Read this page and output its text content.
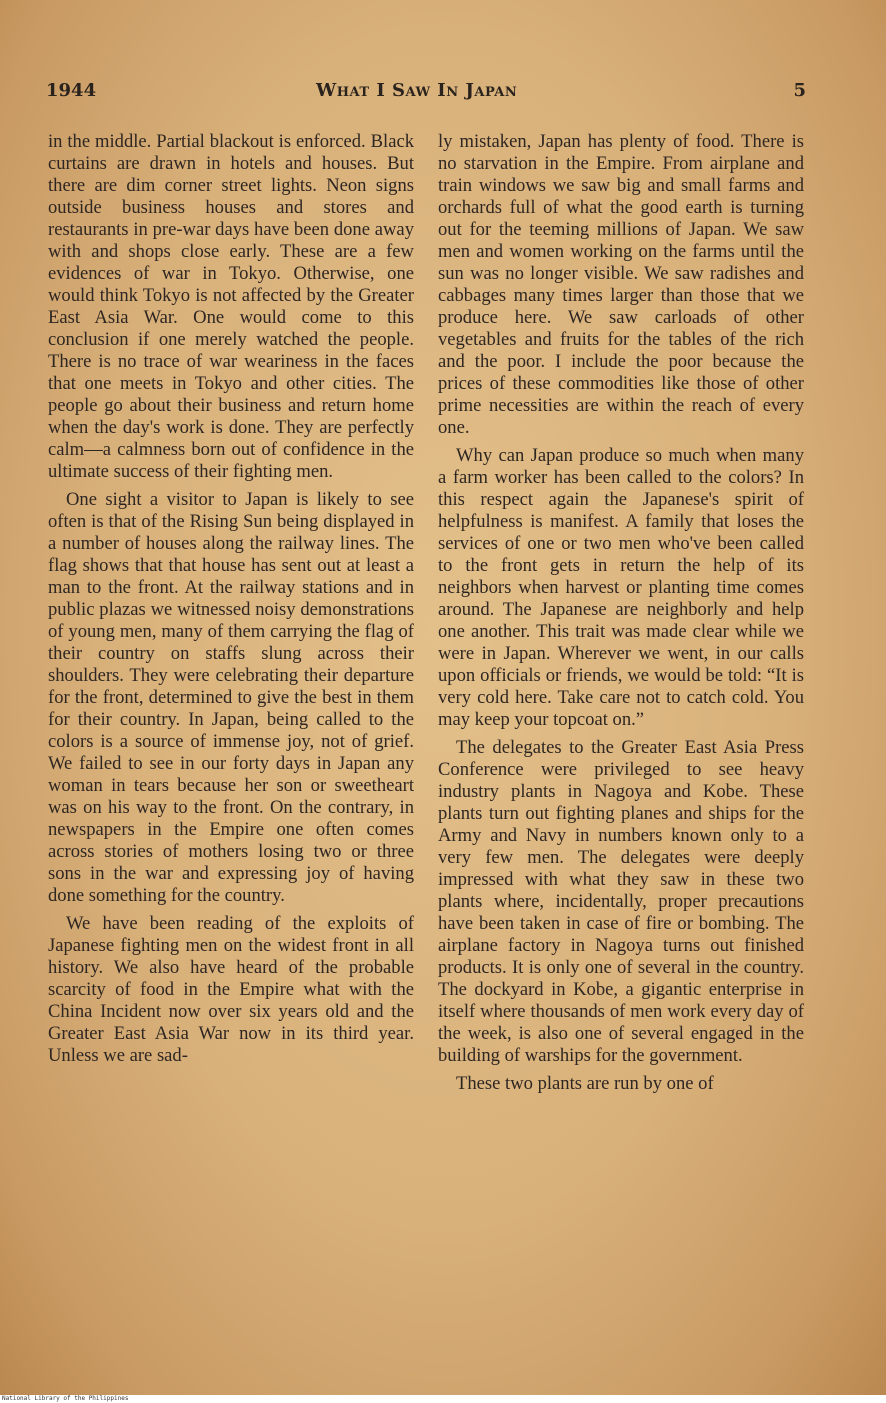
1944	What I Saw In Japan	5

in the middle. Partial blackout is enforced. Black curtains are drawn in hotels and houses. But there are dim corner street lights. Neon signs outside business houses and stores and restaurants in pre-war days have been done away with and shops close early. These are a few evidences of war in Tokyo. Otherwise, one would think Tokyo is not affected by the Greater East Asia War. One would come to this conclusion if one merely watched the people. There is no trace of war weariness in the faces that one meets in Tokyo and other cities. The people go about their business and return home when the day's work is done. They are perfectly calm—a calmness born out of confidence in the ultimate success of their fighting men.

One sight a visitor to Japan is likely to see often is that of the Rising Sun being displayed in a number of houses along the railway lines. The flag shows that that house has sent out at least a man to the front. At the railway stations and in public plazas we witnessed noisy demonstrations of young men, many of them carrying the flag of their country on staffs slung across their shoulders. They were celebrating their departure for the front, determined to give the best in them for their country. In Japan, being called to the colors is a source of immense joy, not of grief. We failed to see in our forty days in Japan any woman in tears because her son or sweetheart was on his way to the front. On the contrary, in newspapers in the Empire one often comes across stories of mothers losing two or three sons in the war and expressing joy of having done something for the country.

We have been reading of the exploits of Japanese fighting men on the widest front in all history. We also have heard of the probable scarcity of food in the Empire what with the China Incident now over six years old and the Greater East Asia War now in its third year. Unless we are sad-

ly mistaken, Japan has plenty of food. There is no starvation in the Empire. From airplane and train windows we saw big and small farms and orchards full of what the good earth is turning out for the teeming millions of Japan. We saw men and women working on the farms until the sun was no longer visible. We saw radishes and cabbages many times larger than those that we produce here. We saw carloads of other vegetables and fruits for the tables of the rich and the poor. I include the poor because the prices of these commodities like those of other prime necessities are within the reach of every one.

Why can Japan produce so much when many a farm worker has been called to the colors? In this respect again the Japanese's spirit of helpfulness is manifest. A family that loses the services of one or two men who've been called to the front gets in return the help of its neighbors when harvest or planting time comes around. The Japanese are neighborly and help one another. This trait was made clear while we were in Japan. Wherever we went, in our calls upon officials or friends, we would be told: “It is very cold here. Take care not to catch cold. You may keep your topcoat on.”

The delegates to the Greater East Asia Press Conference were privileged to see heavy industry plants in Nagoya and Kobe. These plants turn out fighting planes and ships for the Army and Navy in numbers known only to a very few men. The delegates were deeply impressed with what they saw in these two plants where, incidentally, proper precautions have been taken in case of fire or bombing. The airplane factory in Nagoya turns out finished products. It is only one of several in the country. The dockyard in Kobe, a gigantic enterprise in itself where thousands of men work every day of the week, is also one of several engaged in the building of warships for the government.

These two plants are run by one of

National Library of the Philippines
